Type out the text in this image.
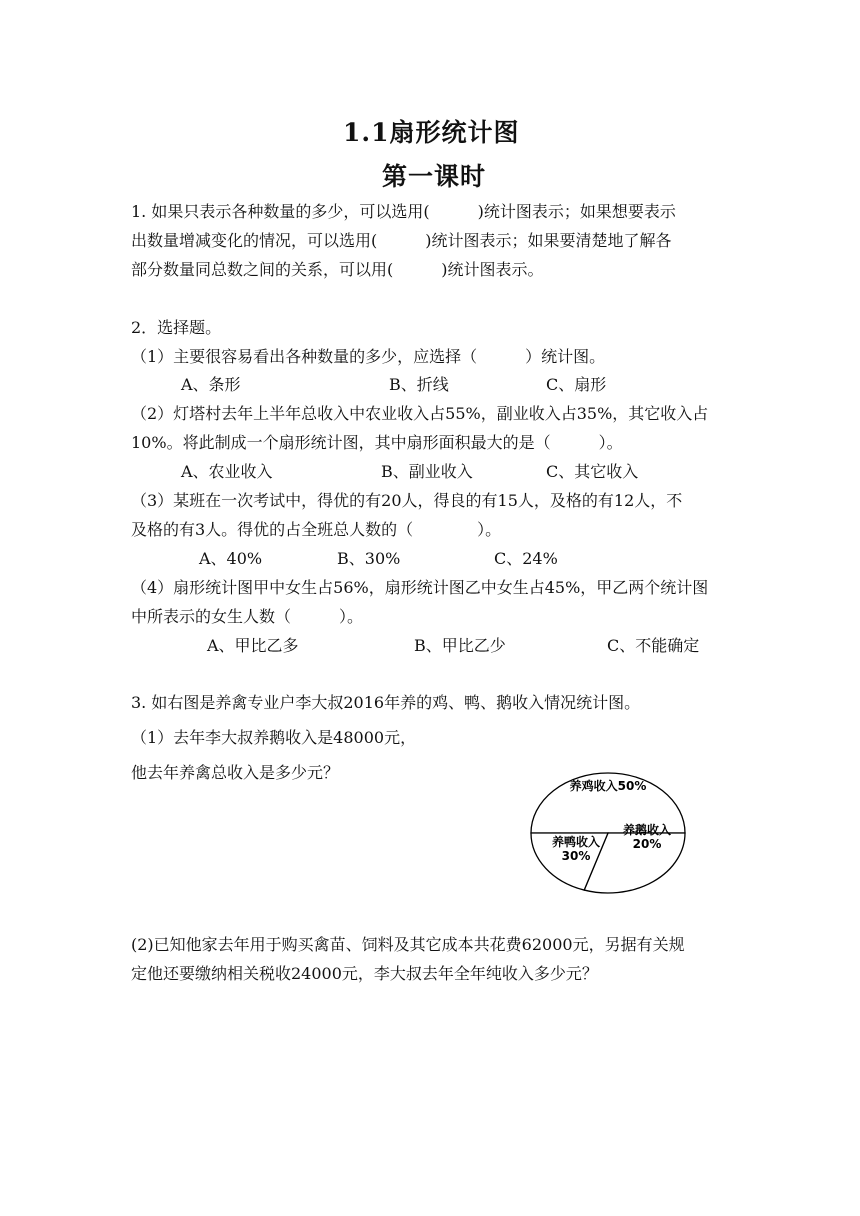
1.1扇形统计图
第一课时
1. 如果只表示各种数量的多少，可以选用(　　　)统计图表示；如果想要表示
出数量增减变化的情况，可以选用(　　　)统计图表示；如果要清楚地了解各
部分数量同总数之间的关系，可以用(　　　)统计图表示。
2．选择题。
（1）主要很容易看出各种数量的多少，应选择（　　　）统计图。
A、条形	B、折线	C、扇形
（2）灯塔村去年上半年总收入中农业收入占55%，副业收入占35%，其它收入占
10%。将此制成一个扇形统计图，其中扇形面积最大的是（　　　）。
A、农业收入	B、副业收入	C、其它收入
（3）某班在一次考试中，得优的有20人，得良的有15人，及格的有12人，不
及格的有3人。得优的占全班总人数的（　　　　）。
A、40%	B、30%	C、24%
（4）扇形统计图甲中女生占56%，扇形统计图乙中女生占45%，甲乙两个统计图
中所表示的女生人数（　　　）。
A、甲比乙多	B、甲比乙少	C、不能确定
3. 如右图是养禽专业户李大叔2016年养的鸡、鸭、鹅收入情况统计图。
（1）去年李大叔养鹅收入是48000元，
他去年养禽总收入是多少元？
养鸡收入50%
养鸭收入
30%
养鹅收入
20%
(2)已知他家去年用于购买禽苗、饲料及其它成本共花费62000元，另据有关规
定他还要缴纳相关税收24000元，李大叔去年全年纯收入多少元？
